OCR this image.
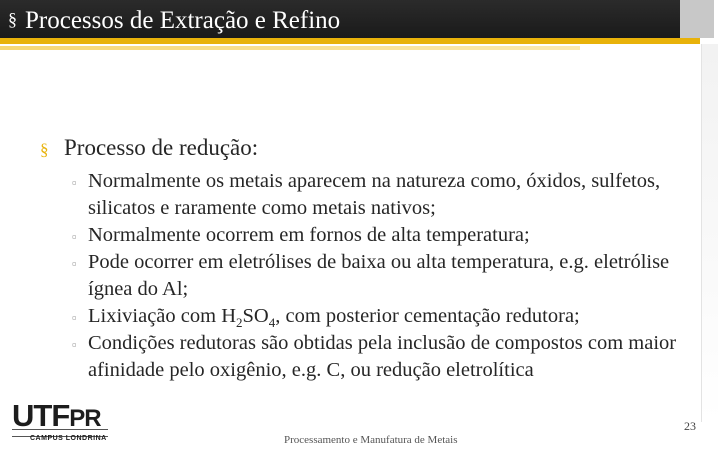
§ Processos de Extração e Refino
§ Processo de redução:
▫ Normalmente os metais aparecem na natureza como, óxidos, sulfetos, silicatos e raramente como metais nativos;
▫ Normalmente ocorrem em fornos de alta temperatura;
▫ Pode ocorrer em eletrólises de baixa ou alta temperatura, e.g. eletrólise ígnea do Al;
▫ Lixiviação com $H_2SO_4$, com posterior cementação redutora;
▫ Condições redutoras são obtidas pela inclusão de compostos com maior afinidade pelo oxigênio, e.g. C, ou redução eletrolítica
UTFPR
CAMPUS LONDRINA	Processamento e Manufatura de Metais
23
